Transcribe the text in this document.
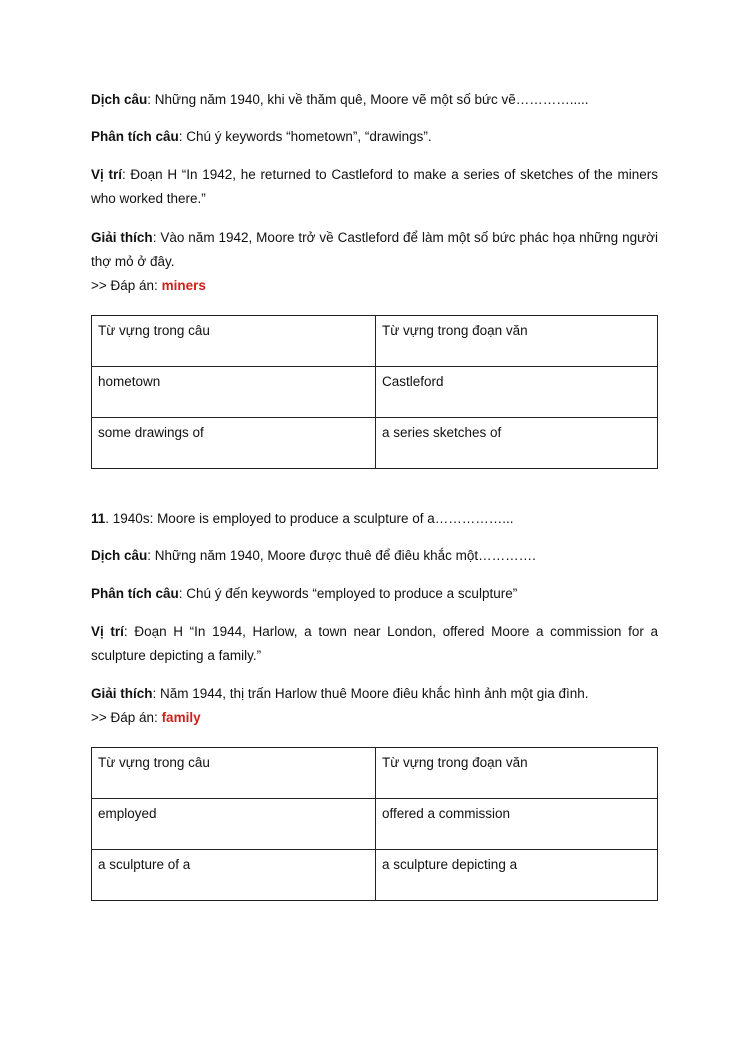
Dịch câu: Những năm 1940, khi về thăm quê, Moore vẽ một số bức vẽ………….....

Phân tích câu: Chú ý keywords “hometown”, “drawings”.

Vị trí: Đoạn H “In 1942, he returned to Castleford to make a series of sketches of the miners who worked there.”

Giải thích: Vào năm 1942, Moore trở về Castleford để làm một số bức phác họa những người thợ mỏ ở đây.

>> Đáp án: miners

Từ vựng trong câu	Từ vựng trong đoạn văn
hometown	Castleford
some drawings of	a series sketches of

11. 1940s: Moore is employed to produce a sculpture of a……………...

Dịch câu: Những năm 1940, Moore được thuê để điêu khắc một………….

Phân tích câu: Chú ý đến keywords “employed to produce a sculpture”

Vị trí: Đoạn H “In 1944, Harlow, a town near London, offered Moore a commission for a sculpture depicting a family.”

Giải thích: Năm 1944, thị trấn Harlow thuê Moore điêu khắc hình ảnh một gia đình.

>> Đáp án: family

Từ vựng trong câu	Từ vựng trong đoạn văn
employed	offered a commission
a sculpture of a	a sculpture depicting a
